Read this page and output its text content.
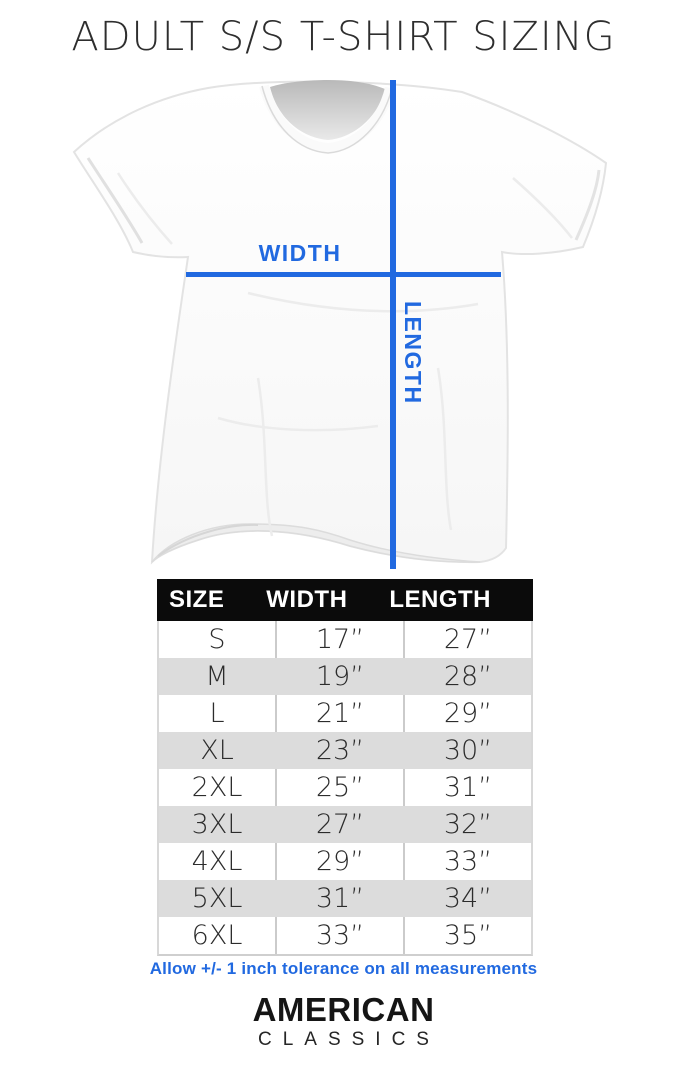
ADULT S/S T-SHIRT SIZING
WIDTH
LENGTH
SIZE WIDTH LENGTH
S	17”	27”
M	19”	28”
L	21”	29”
XL	23”	30”
2XL	25”	31”
3XL	27”	32”
4XL	29”	33”
5XL	31”	34”
6XL	33”	35”
Allow +/- 1 inch tolerance on all measurements
AMERICAN
CLASSICS
